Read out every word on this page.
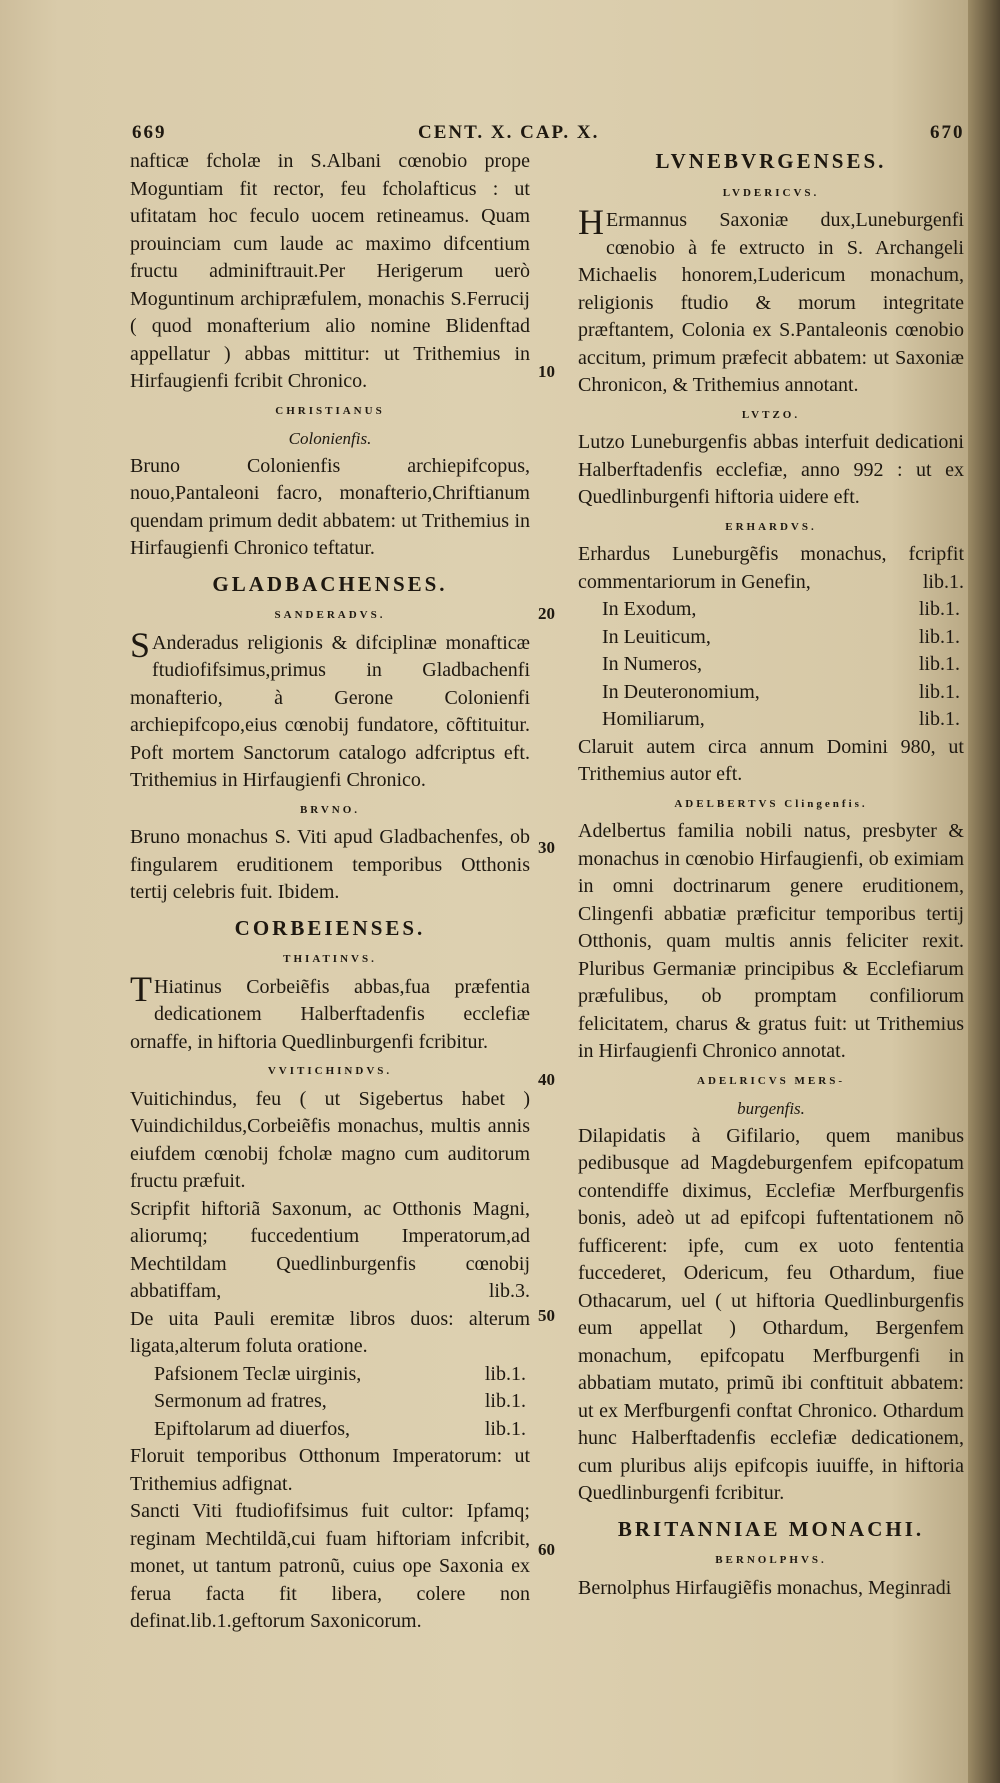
669	CENT. X. CAP. X.	670
10
20
30
40
50
60

nafticæ fcholæ in S.Albani cœnobio prope Moguntiam fit rector, feu fcholafticus : ut ufitatam hoc feculo uocem retineamus. Quam prouinciam cum laude ac maximo difcentium fructu adminiftrauit.Per Herigerum uerò Moguntinum archipræfulem, monachis S.Ferrucij ( quod monafterium alio nomine Blidenftad appellatur ) abbas mittitur: ut Trithemius in Hirfaugienfi fcribit Chronico.

CHRISTIANUS
Colonienfis.

Bruno Colonienfis archiepifcopus, nouo,Pantaleoni facro, monafterio,Chriftianum quendam primum dedit abbatem: ut Trithemius in Hirfaugienfi Chronico teftatur.

GLADBACHENSES.
SANDERADVS.

S Anderadus religionis & difciplinæ monafticæ ftudiofifsimus,primus in Gladbachenfi monafterio, à Gerone Colonienfi archiepifcopo,eius cœnobij fundatore, cõftituitur. Poft mortem Sanctorum catalogo adfcriptus eft. Trithemius in Hirfaugienfi Chronico.

BRVNO.

Bruno monachus S. Viti apud Gladbachenfes, ob fingularem eruditionem temporibus Otthonis tertij celebris fuit. Ibidem.

CORBEIENSES.
THIATINVS.

T Hiatinus Corbeiẽfis abbas,fua præfentia dedicationem Halberftadenfis ecclefiæ ornaffe, in hiftoria Quedlinburgenfi fcribitur.

VVITICHINDVS.

Vuitichindus, feu ( ut Sigebertus habet ) Vuindichildus,Corbeiẽfis monachus, multis annis eiufdem cœnobij fcholæ magno cum auditorum fructu præfuit.

Scripfit hiftoriã Saxonum, ac Otthonis Magni, aliorumq; fuccedentium Imperatorum,ad Mechtildam Quedlinburgenfis cœnobij abbatiffam,	lib.3.

De uita Pauli eremitæ libros duos: alterum ligata,alterum foluta oratione.

Pafsionem Teclæ uirginis,	lib.1.
Sermonum ad fratres,	lib.1.
Epiftolarum ad diuerfos,	lib.1.

Floruit temporibus Otthonum Imperatorum: ut Trithemius adfignat.

Sancti Viti ftudiofifsimus fuit cultor: Ipfamq; reginam Mechtildã,cui fuam hiftoriam infcribit, monet, ut tantum patronũ, cuius ope Saxonia ex ferua facta fit libera, colere non definat.lib.1.geftorum Saxonicorum.

LVNEBVRGENSES.
LVDERICVS.

H Ermannus Saxoniæ dux,Luneburgenfi cœnobio à fe extructo in S. Archangeli Michaelis honorem,Ludericum monachum, religionis ftudio & morum integritate præftantem, Colonia ex S.Pantaleonis cœnobio accitum, primum præfecit abbatem: ut Saxoniæ Chronicon, & Trithemius annotant.

LVTZO.

Lutzo Luneburgenfis abbas interfuit dedicationi Halberftadenfis ecclefiæ, anno 992 : ut ex Quedlinburgenfi hiftoria uidere eft.

ERHARDVS.

Erhardus Luneburgẽfis monachus, fcripfit commentariorum in Genefin,	lib.1.

In Exodum,	lib.1.
In Leuiticum,	lib.1.
In Numeros,	lib.1.
In Deuteronomium,	lib.1.
Homiliarum,	lib.1.

Claruit autem circa annum Domini 980, ut Trithemius autor eft.

ADELBERTVS Clingenfis.

Adelbertus familia nobili natus, presbyter & monachus in cœnobio Hirfaugienfi, ob eximiam in omni doctrinarum genere eruditionem, Clingenfi abbatiæ præficitur temporibus tertij Otthonis, quam multis annis feliciter rexit. Pluribus Germaniæ principibus & Ecclefiarum præfulibus, ob promptam confiliorum felicitatem, charus & gratus fuit: ut Trithemius in Hirfaugienfi Chronico annotat.

ADELRICVS MERS-
burgenfis.

Dilapidatis à Gifilario, quem manibus pedibusque ad Magdeburgenfem epifcopatum contendiffe diximus, Ecclefiæ Merfburgenfis bonis, adeò ut ad epifcopi fuftentationem nõ fufficerent: ipfe, cum ex uoto fententia fuccederet, Odericum, feu Othardum, fiue Othacarum, uel ( ut hiftoria Quedlinburgenfis eum appellat ) Othardum, Bergenfem monachum, epifcopatu Merfburgenfi in abbatiam mutato, primũ ibi conftituit abbatem: ut ex Merfburgenfi conftat Chronico. Othardum hunc Halberftadenfis ecclefiæ dedicationem, cum pluribus alijs epifcopis iuuiffe, in hiftoria Quedlinburgenfi fcribitur.

BRITANNIAE MONACHI.
BERNOLPHVS.

Bernolphus Hirfaugiẽfis monachus, Meginradi
